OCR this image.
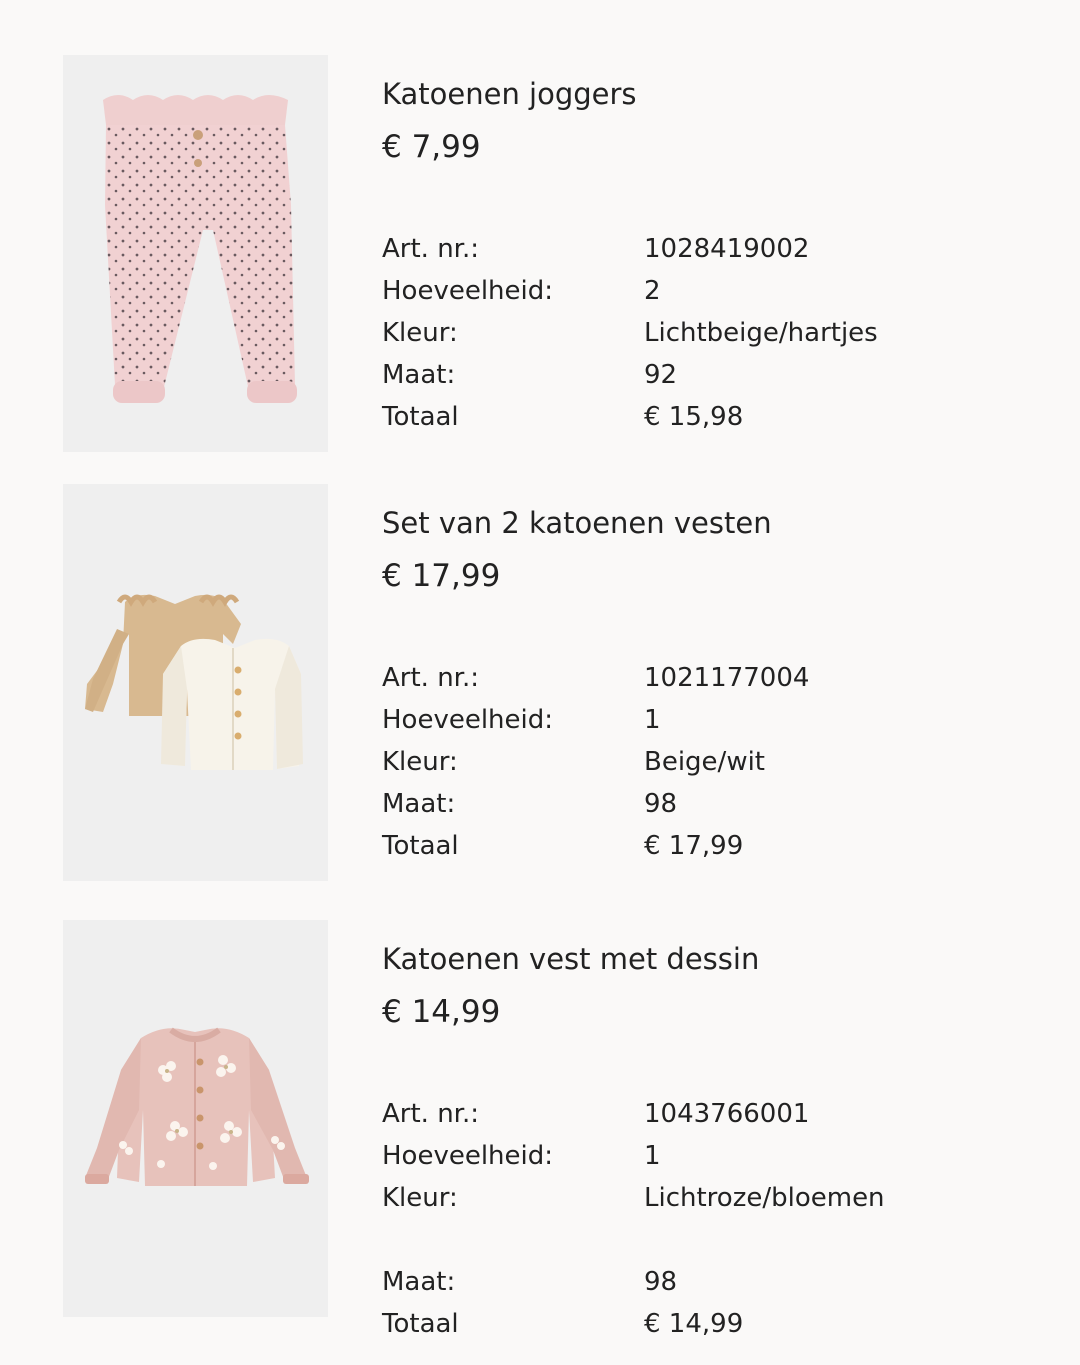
Katoenen joggers
€ 7,99
Art. nr.:	1028419002
Hoeveelheid:	2
Kleur:	Lichtbeige/hartjes
Maat:	92
Totaal	€ 15,98
Set van 2 katoenen vesten
€ 17,99
Art. nr.:	1021177004
Hoeveelheid:	1
Kleur:	Beige/wit
Maat:	98
Totaal	€ 17,99
Katoenen vest met dessin
€ 14,99
Art. nr.:	1043766001
Hoeveelheid:	1
Kleur:	Lichtroze/bloemen
Maat:	98
Totaal	€ 14,99
